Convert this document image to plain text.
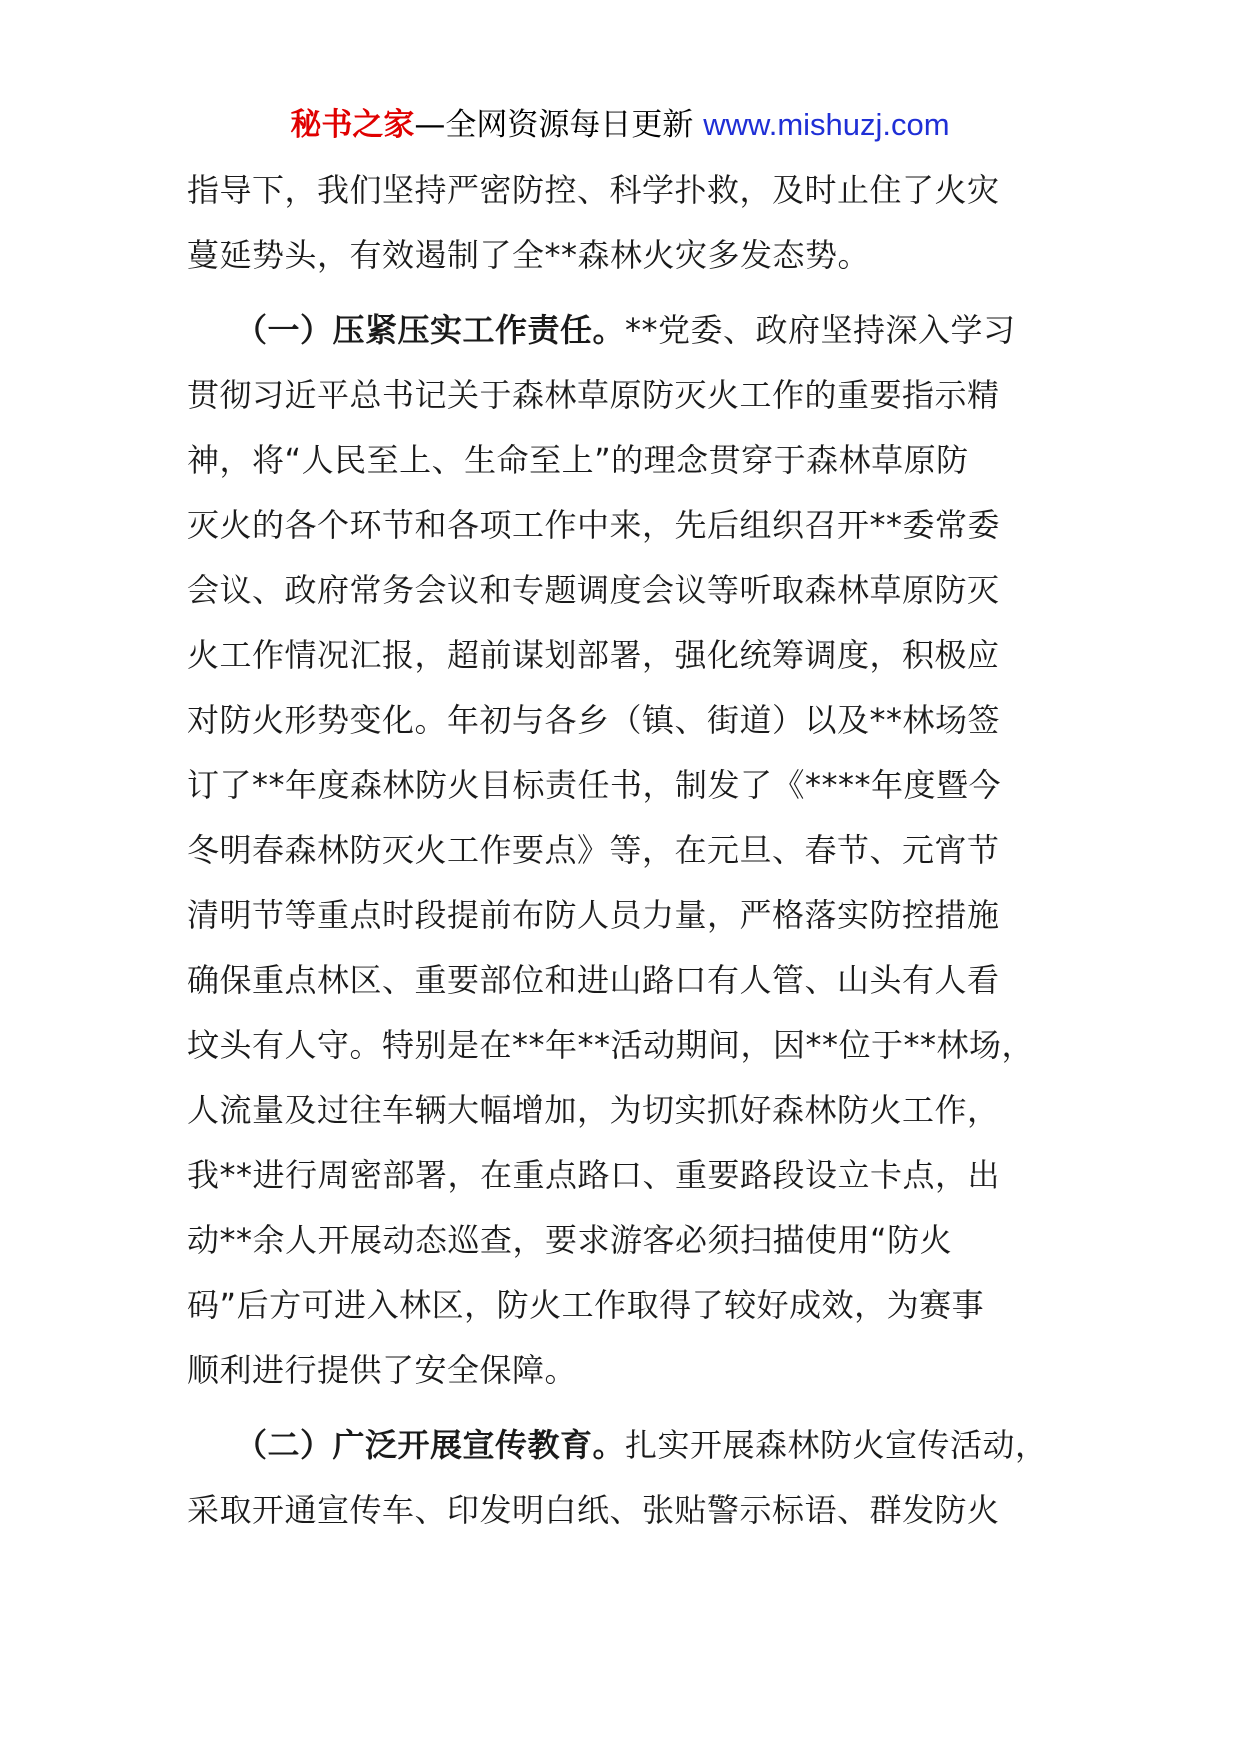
秘书之家—全网资源每日更新 www.mishuzj.com
指导下，我们坚持严密防控、科学扑救，及时止住了火灾
蔓延势头，有效遏制了全**森林火灾多发态势。
（一）压紧压实工作责任。**党委、政府坚持深入学习
贯彻习近平总书记关于森林草原防灭火工作的重要指示精
神，将“人民至上、生命至上”的理念贯穿于森林草原防
灭火的各个环节和各项工作中来，先后组织召开**委常委
会议、政府常务会议和专题调度会议等听取森林草原防灭
火工作情况汇报，超前谋划部署，强化统筹调度，积极应
对防火形势变化。年初与各乡（镇、街道）以及**林场签
订了**年度森林防火目标责任书，制发了《****年度暨今
冬明春森林防灭火工作要点》等，在元旦、春节、元宵节
清明节等重点时段提前布防人员力量，严格落实防控措施
确保重点林区、重要部位和进山路口有人管、山头有人看
坟头有人守。特别是在**年**活动期间，因**位于**林场，
人流量及过往车辆大幅增加，为切实抓好森林防火工作，
我**进行周密部署，在重点路口、重要路段设立卡点，出
动**余人开展动态巡查，要求游客必须扫描使用“防火
码”后方可进入林区，防火工作取得了较好成效，为赛事
顺利进行提供了安全保障。
（二）广泛开展宣传教育。扎实开展森林防火宣传活动，
采取开通宣传车、印发明白纸、张贴警示标语、群发防火
